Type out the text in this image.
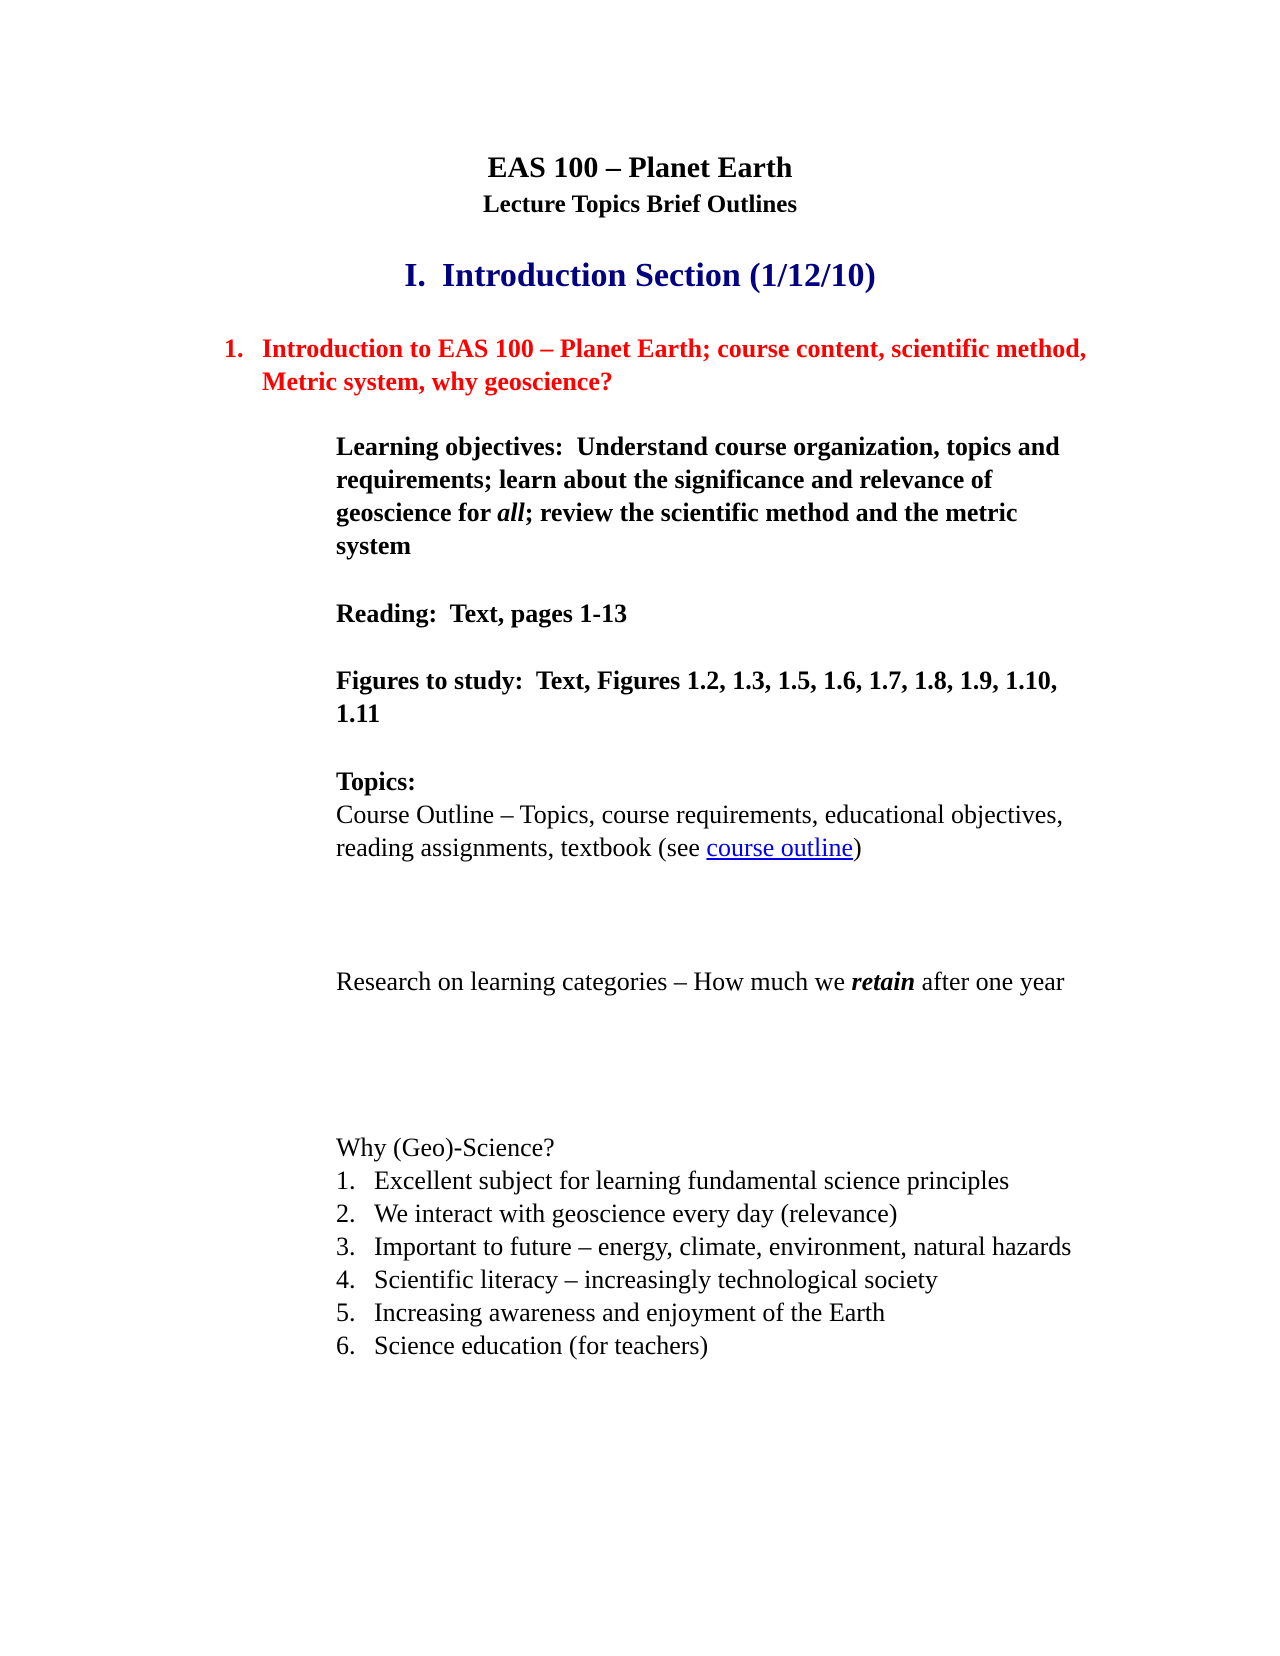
EAS 100 – Planet Earth
Lecture Topics Brief Outlines
I. Introduction Section (1/12/10)
1. Introduction to EAS 100 – Planet Earth; course content, scientific method, Metric system, why geoscience?

Learning objectives: Understand course organization, topics and requirements; learn about the significance and relevance of geoscience for all; review the scientific method and the metric system

Reading: Text, pages 1-13

Figures to study: Text, Figures 1.2, 1.3, 1.5, 1.6, 1.7, 1.8, 1.9, 1.10, 1.11

Topics:
Course Outline – Topics, course requirements, educational objectives, reading assignments, textbook (see course outline)

Research on learning categories – How much we retain after one year

Why (Geo)-Science?
1. Excellent subject for learning fundamental science principles
2. We interact with geoscience every day (relevance)
3. Important to future – energy, climate, environment, natural hazards
4. Scientific literacy – increasingly technological society
5. Increasing awareness and enjoyment of the Earth
6. Science education (for teachers)
